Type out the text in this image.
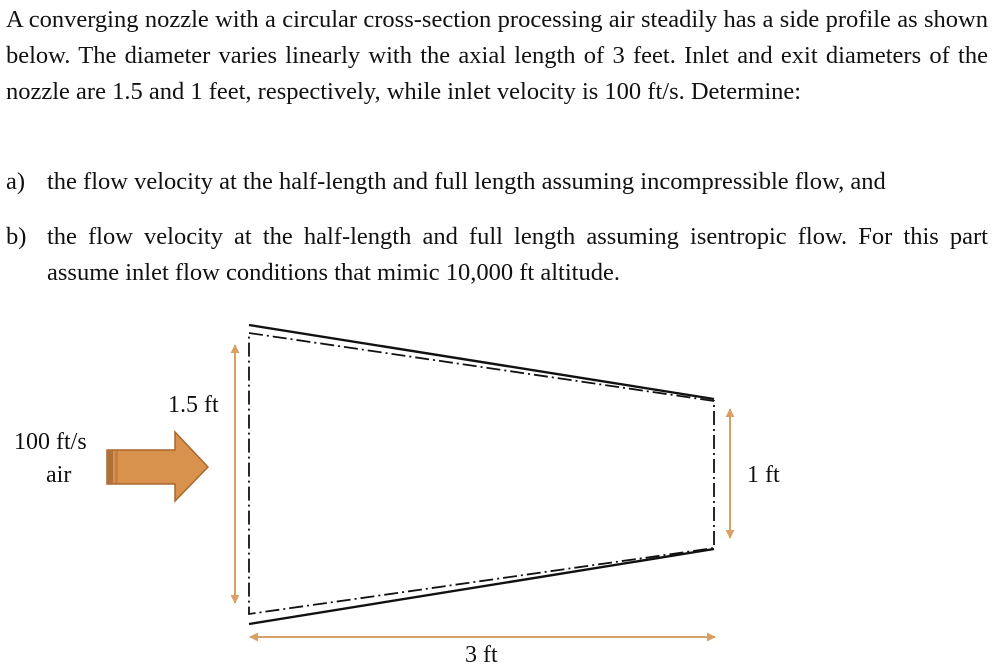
A converging nozzle with a circular cross-section processing air steadily has a side profile as shown below. The diameter varies linearly with the axial length of 3 feet. Inlet and exit diameters of the nozzle are 1.5 and 1 feet, respectively, while inlet velocity is 100 ft/s. Determine:

a) the flow velocity at the half-length and full length assuming incompressible flow, and
b) the flow velocity at the half-length and full length assuming isentropic flow. For this part assume inlet flow conditions that mimic 10,000 ft altitude.
100 ft/s
air
1.5 ft
1 ft
3 ft
